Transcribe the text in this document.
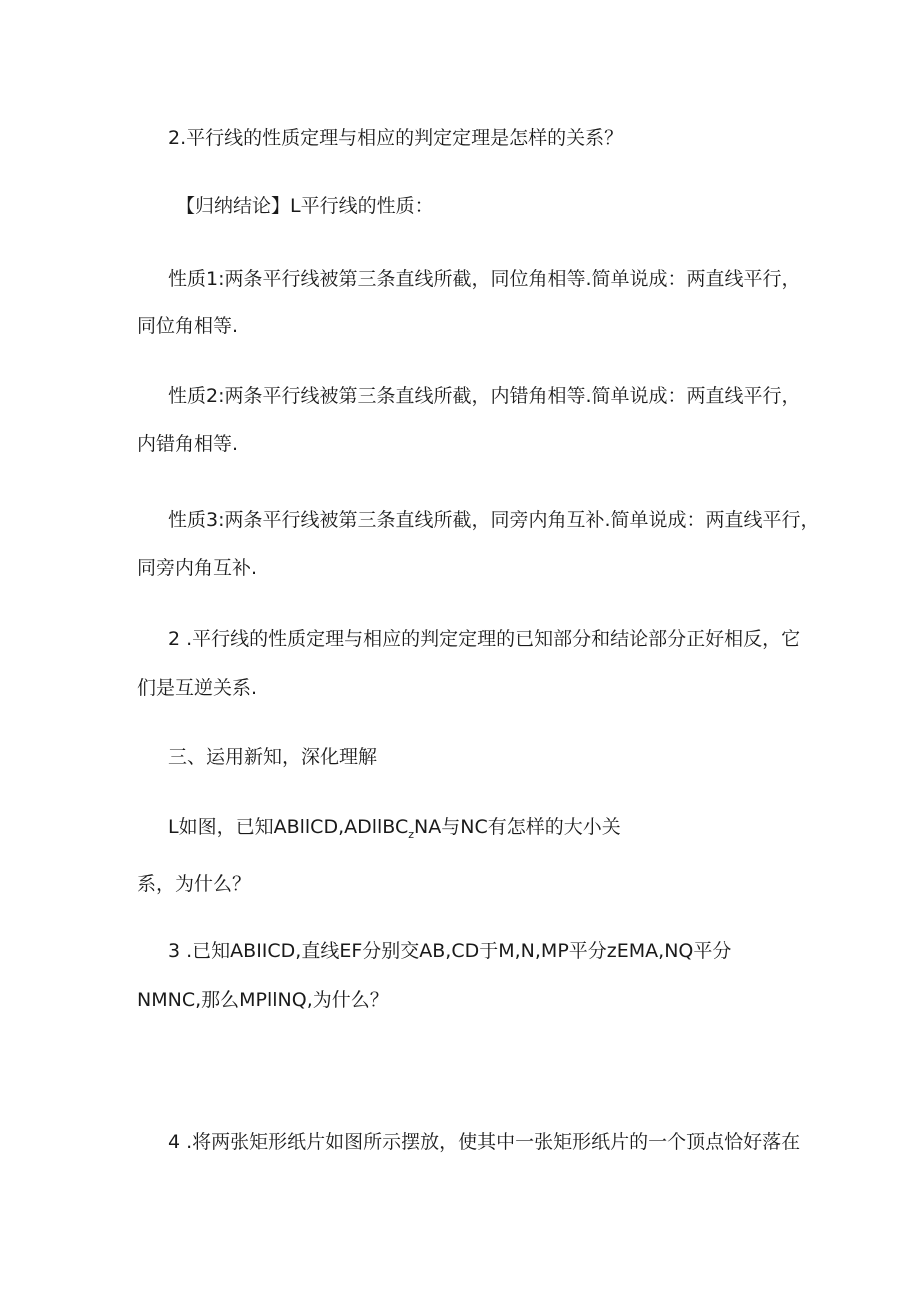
2.平行线的性质定理与相应的判定定理是怎样的关系？
【归纳结论】L平行线的性质：
性质1:两条平行线被第三条直线所截，同位角相等.简单说成：两直线平行，
同位角相等.
性质2:两条平行线被第三条直线所截，内错角相等.简单说成：两直线平行，
内错角相等.
性质3:两条平行线被第三条直线所截，同旁内角互补.简单说成：两直线平行，
同旁内角互补.
2 .平行线的性质定理与相应的判定定理的已知部分和结论部分正好相反，它
们是互逆关系.
三、运用新知，深化理解
L如图，已知ABllCD,ADllBC$_z$NA与NC有怎样的大小关
系，为什么？
3 .已知ABIICD,直线EF分别交AB,CD于M,N,MP平分zEMA,NQ平分
NMNC,那么MPllNQ,为什么？
4 .将两张矩形纸片如图所示摆放，使其中一张矩形纸片的一个顶点恰好落在
